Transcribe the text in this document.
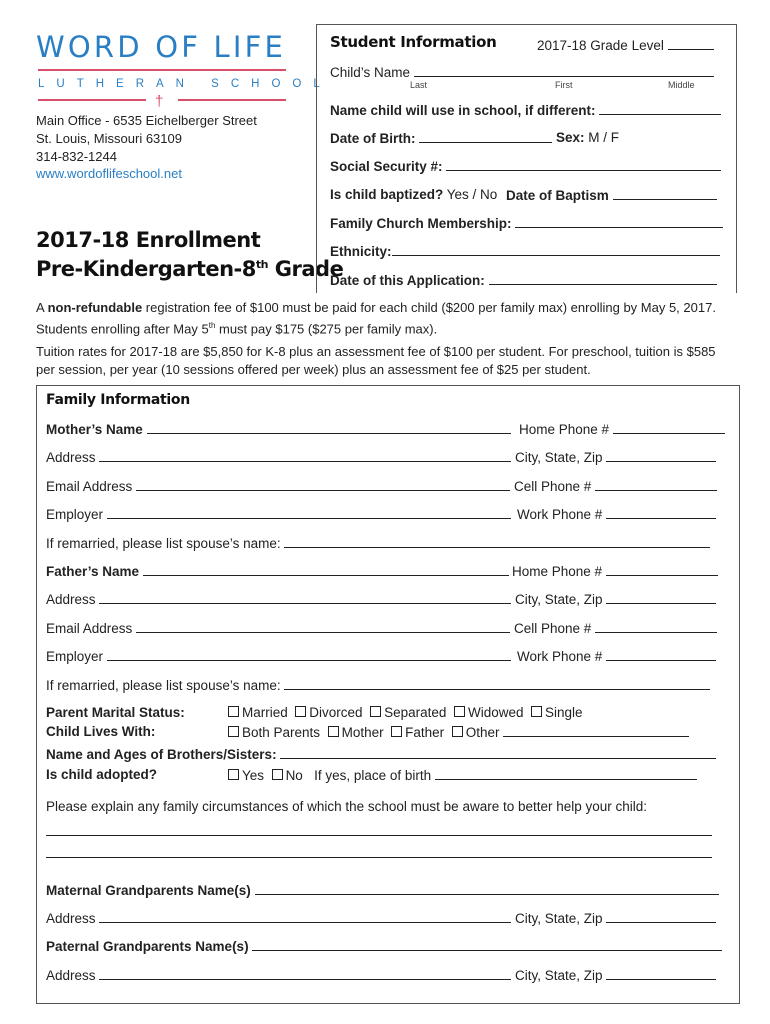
WORD OF LIFE
LUTHERAN SCHOOL
†
Main Office - 6535 Eichelberger Street
St. Louis, Missouri 63109
314-832-1244
www.wordoflifeschool.net
2017-18 Enrollment
Pre-Kindergarten-8th Grade
Student Information	2017-18 Grade Level
Child’s Name
Last	First	Middle
Name child will use in school, if different:
Date of Birth:	Sex: M / F
Social Security #:
Is child baptized? Yes / No Date of Baptism
Family Church Membership:
Ethnicity:
Date of this Application:
A non-refundable registration fee of $100 must be paid for each child ($200 per family max) enrolling by May 5, 2017.
Students enrolling after May 5th must pay $175 ($275 per family max).
Tuition rates for 2017-18 are $5,850 for K-8 plus an assessment fee of $100 per student. For preschool, tuition is $585 per session, per year (10 sessions offered per week) plus an assessment fee of $25 per student.
Family Information
Mother’s Name	Home Phone #
Address	City, State, Zip
Email Address	Cell Phone #
Employer	Work Phone #
If remarried, please list spouse’s name:
Father’s Name	Home Phone #
Address	City, State, Zip
Email Address	Cell Phone #
Employer	Work Phone #
If remarried, please list spouse’s name:
Parent Marital Status:	Married Divorced Separated Widowed Single
Child Lives With:	Both Parents Mother Father Other
Name and Ages of Brothers/Sisters:
Is child adopted?	Yes No If yes, place of birth
Please explain any family circumstances of which the school must be aware to better help your child:
Maternal Grandparents Name(s)
Address	City, State, Zip
Paternal Grandparents Name(s)
Address	City, State, Zip
